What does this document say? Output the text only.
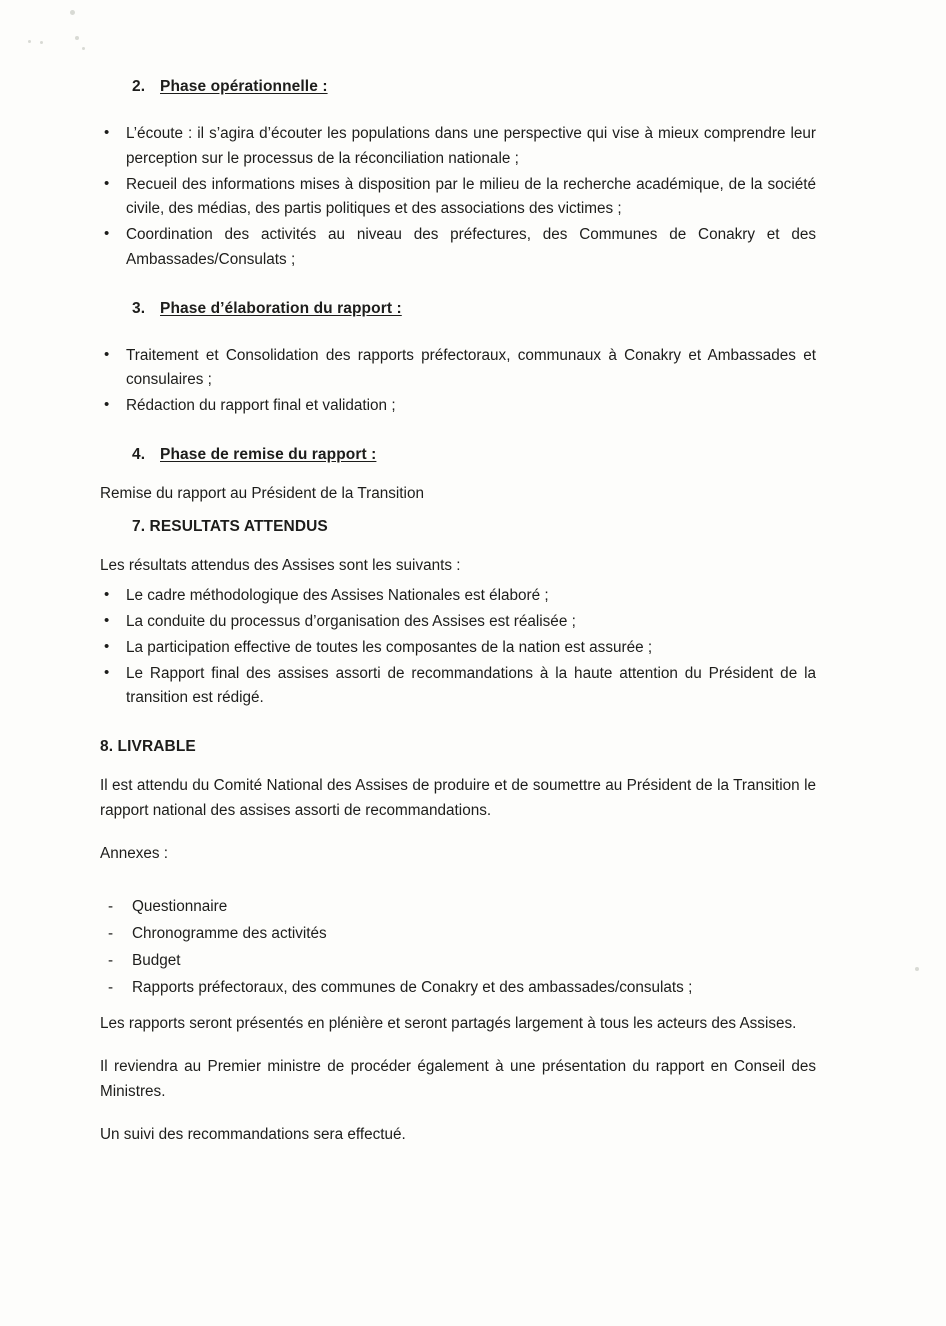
2. Phase opérationnelle :
• L’écoute : il s’agira d’écouter les populations dans une perspective qui vise à mieux comprendre leur perception sur le processus de la réconciliation nationale ;
• Recueil des informations mises à disposition par le milieu de la recherche académique, de la société civile, des médias, des partis politiques et des associations des victimes ;
• Coordination des activités au niveau des préfectures, des Communes de Conakry et des Ambassades/Consulats ;
3. Phase d’élaboration du rapport :
• Traitement et Consolidation des rapports préfectoraux, communaux à Conakry et Ambassades et consulaires ;
• Rédaction du rapport final et validation ;
4. Phase de remise du rapport :

Remise du rapport au Président de la Transition

7. RESULTATS ATTENDUS

Les résultats attendus des Assises sont les suivants :

• Le cadre méthodologique des Assises Nationales est élaboré ;
• La conduite du processus d’organisation des Assises est réalisée ;
• La participation effective de toutes les composantes de la nation est assurée ;
• Le Rapport final des assises assorti de recommandations à la haute attention du Président de la transition est rédigé.
8. LIVRABLE

Il est attendu du Comité National des Assises de produire et de soumettre au Président de la Transition le rapport national des assises assorti de recommandations.

Annexes :

- Questionnaire
- Chronogramme des activités
- Budget
- Rapports préfectoraux, des communes de Conakry et des ambassades/consulats ;

Les rapports seront présentés en plénière et seront partagés largement à tous les acteurs des Assises.

Il reviendra au Premier ministre de procéder également à une présentation du rapport en Conseil des Ministres.

Un suivi des recommandations sera effectué.
